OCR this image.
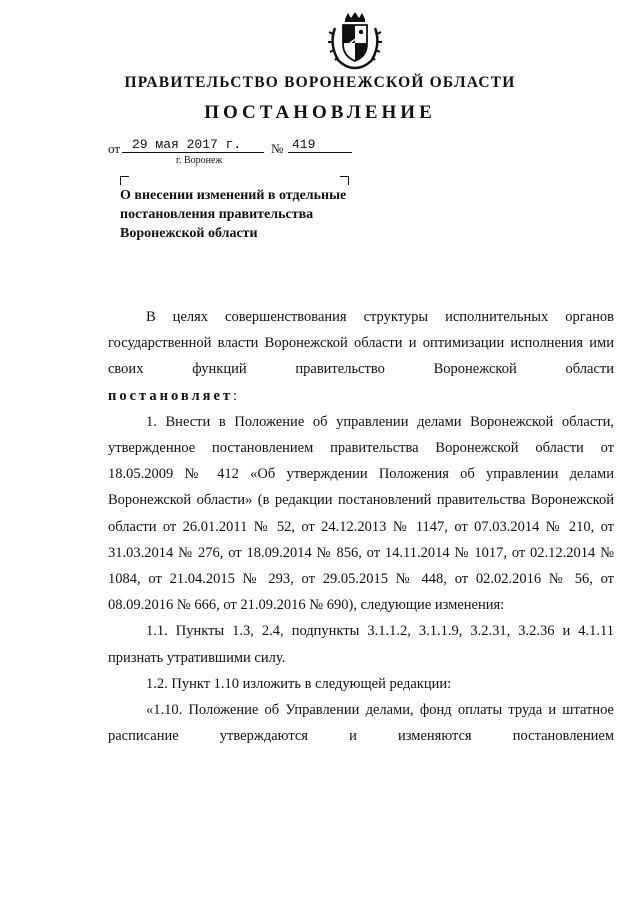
ПРАВИТЕЛЬСТВО ВОРОНЕЖСКОЙ ОБЛАСТИ
ПОСТАНОВЛЕНИЕ
от 29 мая 2017 г.	№ 419
г. Воронеж
О внесении изменений в отдельные постановления правительства Воронежской области

В целях совершенствования структуры исполнительных органов государственной власти Воронежской области и оптимизации исполнения ими своих функций правительство Воронежской области

постановляет:

1. Внести в Положение об управлении делами Воронежской области, утвержденное постановлением правительства Воронежской области от 18.05.2009 № 412 «Об утверждении Положения об управлении делами Воронежской области» (в редакции постановлений правительства Воронежской области от 26.01.2011 № 52, от 24.12.2013 № 1147, от 07.03.2014 № 210, от 31.03.2014 № 276, от 18.09.2014 № 856, от 14.11.2014 № 1017, от 02.12.2014 № 1084, от 21.04.2015 № 293, от 29.05.2015 № 448, от 02.02.2016 № 56, от 08.09.2016 № 666, от 21.09.2016 № 690), следующие изменения:

1.1. Пункты 1.3, 2.4, подпункты 3.1.1.2, 3.1.1.9, 3.2.31, 3.2.36 и 4.1.11 признать утратившими силу.

1.2. Пункт 1.10 изложить в следующей редакции:

«1.10. Положение об Управлении делами, фонд оплаты труда и штатное расписание утверждаются и изменяются постановлением
